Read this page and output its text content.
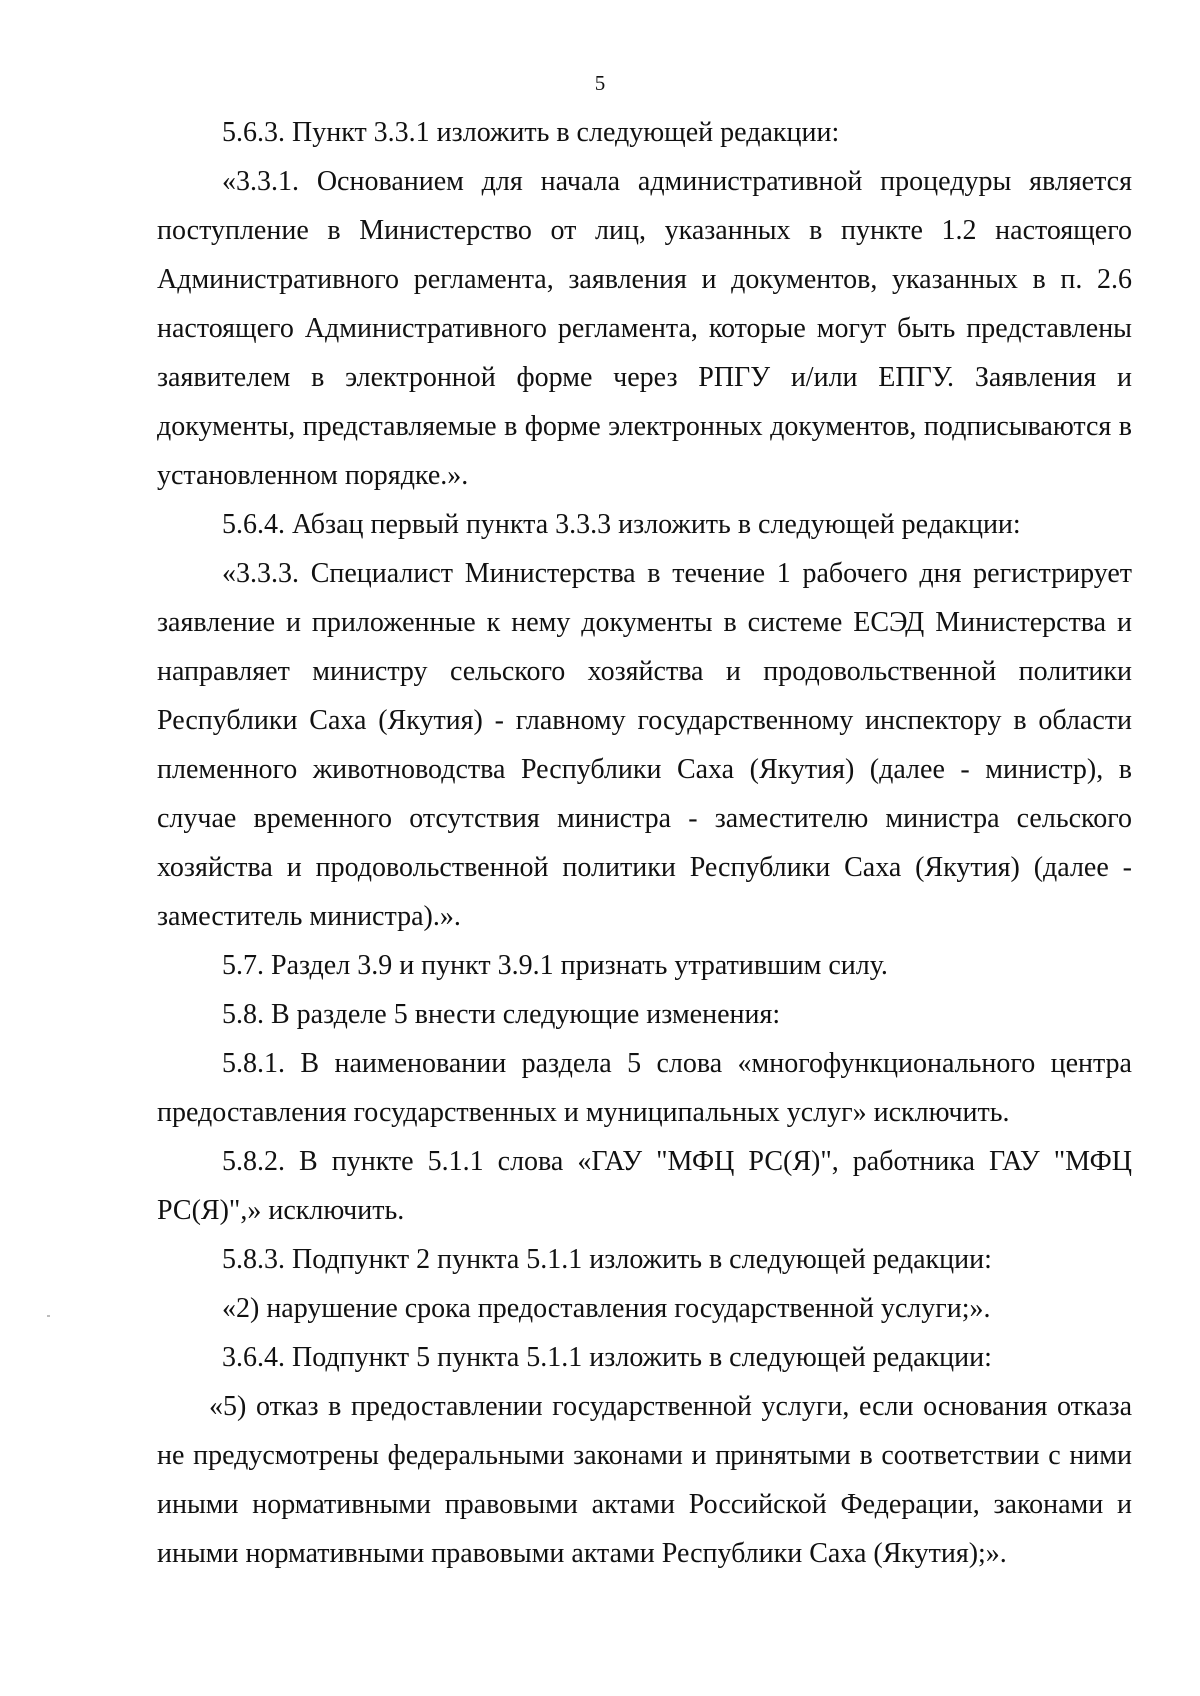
5

5.6.3. Пункт 3.3.1 изложить в следующей редакции:

«3.3.1. Основанием для начала административной процедуры является поступление в Министерство от лиц, указанных в пункте 1.2 настоящего Административного регламента, заявления и документов, указанных в п. 2.6 настоящего Административного регламента, которые могут быть представлены заявителем в электронной форме через РПГУ и/или ЕПГУ. Заявления и документы, представляемые в форме электронных документов, подписываются в установленном порядке.».

5.6.4. Абзац первый пункта 3.3.3 изложить в следующей редакции:

«3.3.3. Специалист Министерства в течение 1 рабочего дня регистрирует заявление и приложенные к нему документы в системе ЕСЭД Министерства и направляет министру сельского хозяйства и продовольственной политики Республики Саха (Якутия) - главному государственному инспектору в области племенного животноводства Республики Саха (Якутия) (далее - министр), в случае временного отсутствия министра - заместителю министра сельского хозяйства и продовольственной политики Республики Саха (Якутия) (далее - заместитель министра).».

5.7. Раздел 3.9 и пункт 3.9.1 признать утратившим силу.

5.8. В разделе 5 внести следующие изменения:

5.8.1. В наименовании раздела 5 слова «многофункционального центра предоставления государственных и муниципальных услуг» исключить.

5.8.2. В пункте 5.1.1 слова «ГАУ "МФЦ РС(Я)", работника ГАУ "МФЦ РС(Я)",» исключить.

5.8.3. Подпункт 2 пункта 5.1.1 изложить в следующей редакции:

«2) нарушение срока предоставления государственной услуги;».

3.6.4. Подпункт 5 пункта 5.1.1 изложить в следующей редакции:

«5) отказ в предоставлении государственной услуги, если основания отказа не предусмотрены федеральными законами и принятыми в соответствии с ними иными нормативными правовыми актами Российской Федерации, законами и иными нормативными правовыми актами Республики Саха (Якутия);».
